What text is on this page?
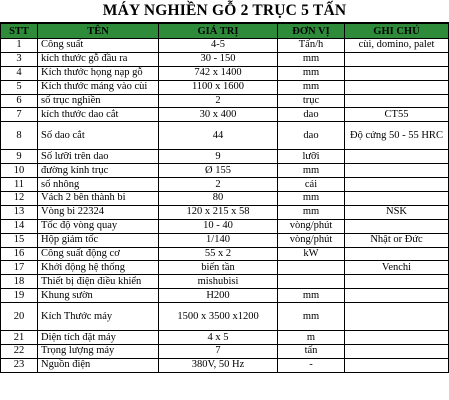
MÁY NGHIỀN GỖ 2 TRỤC 5 TẤN
STT	TÊN	GIÁ TRỊ	ĐƠN VỊ	GHI CHÚ
1	Công suất	4-5	Tấn/h	cùi, domino, palet
3	kích thước gỗ đầu ra	30 - 150	mm	
4	Kích thước họng nạp gỗ	742 x 1400	mm	
5	Kích thước máng vào cùi	1100 x 1600	mm	
6	số trục nghiền	2	trục	
7	kích thước dao cắt	30 x 400	dao	CT55
8	Số dao cắt	44	dao	Độ cứng 50 - 55 HRC
9	Số lưỡi trên dao	9	lưỡi	
10	đường kính trục	Ø 155	mm	
11	số nhông	2	cái	
12	Vách 2 bên thành bi	80	mm	
13	Vòng bi 22324	120 x 215 x 58	mm	NSK
14	Tốc độ vòng quay	10 - 40	vòng/phút	
15	Hộp giảm tốc	1/140	vòng/phút	Nhật or Đức
16	Công suất động cơ	55 x 2	kW	
17	Khởi động hệ thống	biến tần		Venchi
18	Thiết bị điện điều khiển	mishubisi		
19	Khung sườn	H200	mm	
20	Kích Thước máy	1500 x 3500 x1200	mm	
21	Diện tích đặt máy	4 x 5	m	
22	Trọng lượng máy	7	tấn	
23	Nguồn điện	380V, 50 Hz	-	
